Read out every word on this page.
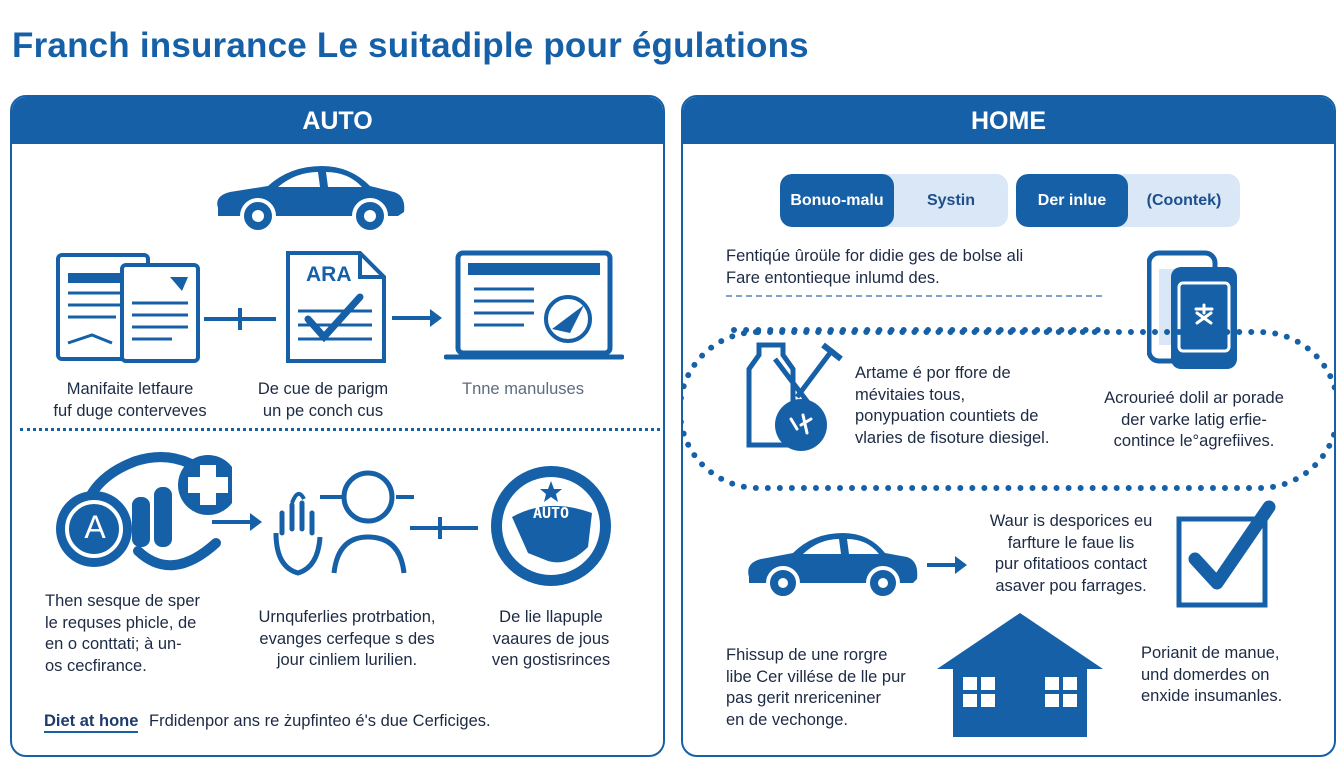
Franch insurance Le suitadiple pour égulations
AUTO
ARA
Manifaite letfaure
fuf duge conterveves
De cue de parigm
un pe conch cus
Tnne manuluses
A	AUTO
Then sesque de sper
le requses phicle, de
en o conttati; à un-
os cecfirance.
Urnquferlies protrbation,
evanges cerfeque s des
jour cinliem lurilien.
De lie llapuple
vaaures de jous
ven gostisrinces
Diet at hone Frdidenpor ans re żupfinteo é's due Cerficiges.
HOME
Bonuo-malu	Systin	Der inlue	(Coontek)
Fentiqúe ûroüle for didie ges de bolse ali
Fare entontieque inlumd des.
Artame é por ffore de
mévitaies tous,
ponypuation countiets de
vlaries de fisoture diesigel.
Acrourieé dolil ar porade
der varke latig erfie-
contince le°agrefiives.
Waur is desporices eu
farfture le faue lis
pur ofitatioos contact
asaver pou farrages.
Fhissup de une rorgre
libe Cer villése de lle pur
pas gerit nrericeniner
en de vechonge.
Porianit de manue,
und domerdes on
enxide insumanles.
